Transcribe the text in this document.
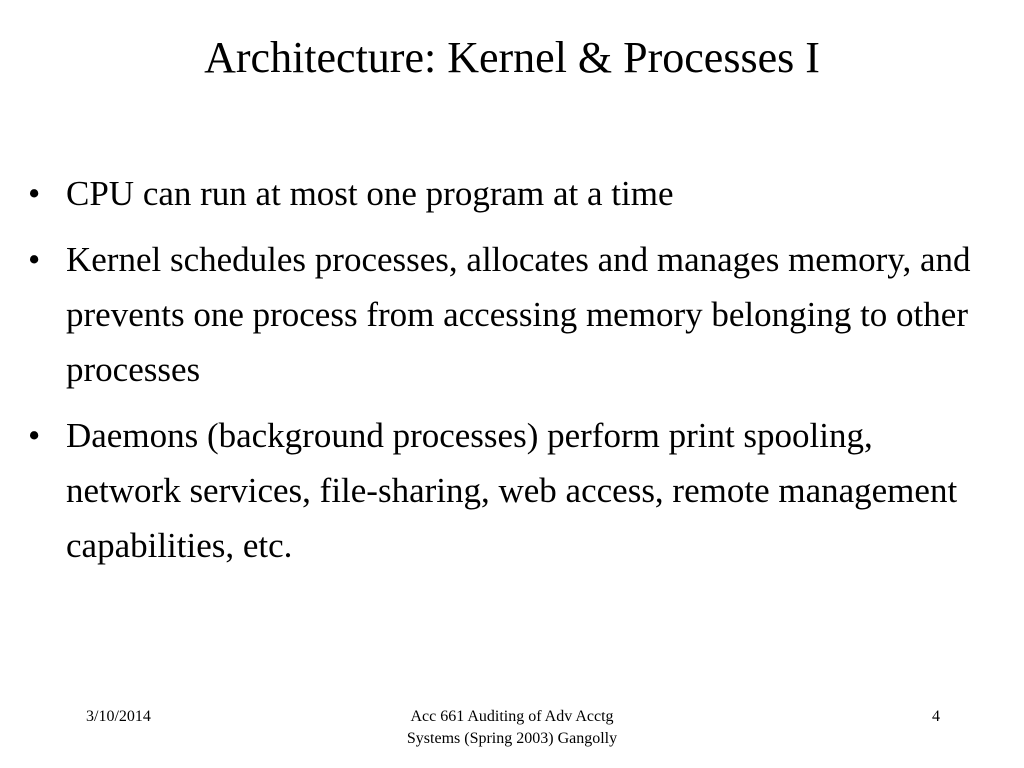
Architecture: Kernel & Processes I
• CPU can run at most one program at a time
• Kernel schedules processes, allocates and manages memory, and prevents one process from accessing memory belonging to other processes
• Daemons (background processes) perform print spooling, network services, file-sharing, web access, remote management capabilities, etc.
3/10/2014	Acc 661 Auditing of Adv Acctg
Systems (Spring 2003) Gangolly
4
